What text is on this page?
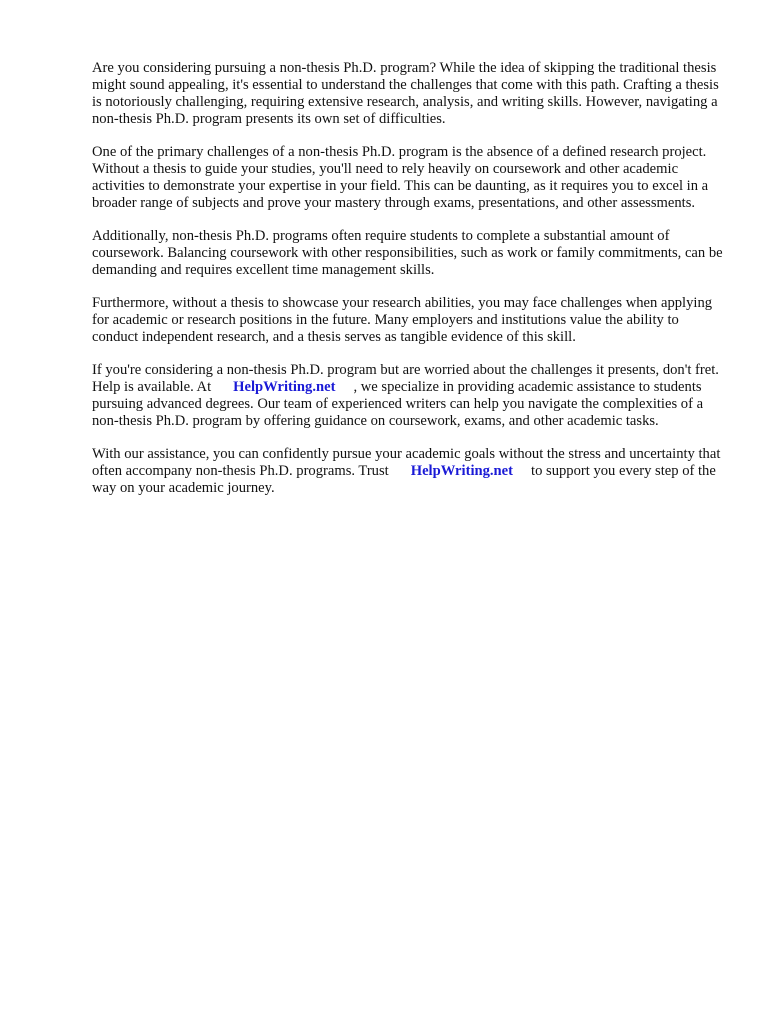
Are you considering pursuing a non-thesis Ph.D. program? While the idea of skipping the traditional thesis might sound appealing, it's essential to understand the challenges that come with this path. Crafting a thesis is notoriously challenging, requiring extensive research, analysis, and writing skills. However, navigating a non-thesis Ph.D. program presents its own set of difficulties.

One of the primary challenges of a non-thesis Ph.D. program is the absence of a defined research project. Without a thesis to guide your studies, you'll need to rely heavily on coursework and other academic activities to demonstrate your expertise in your field. This can be daunting, as it requires you to excel in a broader range of subjects and prove your mastery through exams, presentations, and other assessments.

Additionally, non-thesis Ph.D. programs often require students to complete a substantial amount of coursework. Balancing coursework with other responsibilities, such as work or family commitments, can be demanding and requires excellent time management skills.

Furthermore, without a thesis to showcase your research abilities, you may face challenges when applying for academic or research positions in the future. Many employers and institutions value the ability to conduct independent research, and a thesis serves as tangible evidence of this skill.

If you're considering a non-thesis Ph.D. program but are worried about the challenges it presents, don't fret. Help is available. At HelpWriting.net , we specialize in providing academic assistance to students pursuing advanced degrees. Our team of experienced writers can help you navigate the complexities of a non-thesis Ph.D. program by offering guidance on coursework, exams, and other academic tasks.

With our assistance, you can confidently pursue your academic goals without the stress and uncertainty that often accompany non-thesis Ph.D. programs. Trust HelpWriting.net to support you every step of the way on your academic journey.
